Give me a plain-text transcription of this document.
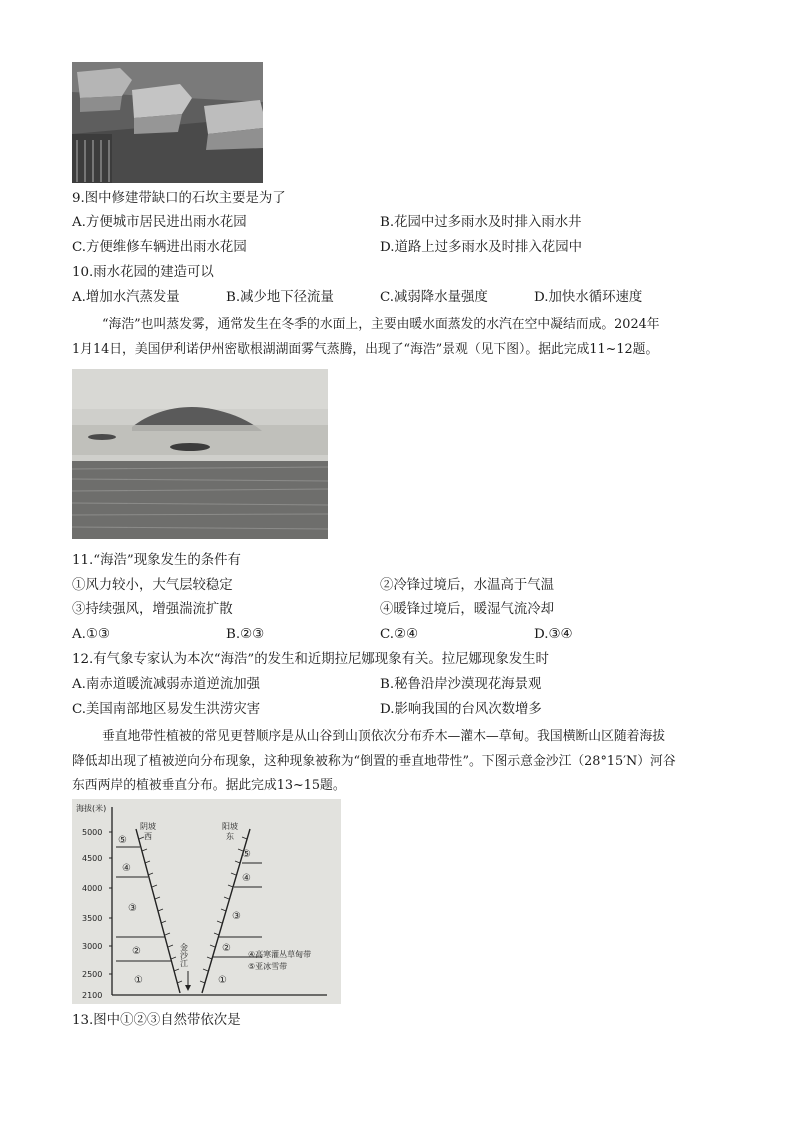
9.图中修建带缺口的石坎主要是为了
A.方便城市居民进出雨水花园	B.花园中过多雨水及时排入雨水井
C.方便维修车辆进出雨水花园	D.道路上过多雨水及时排入花园中
10.雨水花园的建造可以
A.增加水汽蒸发量	B.减少地下径流量	C.减弱降水量强度	D.加快水循环速度
“海浩”也叫蒸发雾，通常发生在冬季的水面上，主要由暖水面蒸发的水汽在空中凝结而成。2024年
1月14日，美国伊利诺伊州密歇根湖湖面雾气蒸腾，出现了“海浩”景观（见下图）。据此完成11~12题。
11.“海浩”现象发生的条件有
①风力较小，大气层较稳定	②冷锋过境后，水温高于气温
③持续强风，增强湍流扩散	④暖锋过境后，暖湿气流冷却
A.①③	B.②③	C.②④	D.③④
12.有气象专家认为本次“海浩”的发生和近期拉尼娜现象有关。拉尼娜现象发生时
A.南赤道暖流减弱赤道逆流加强	B.秘鲁沿岸沙漠现花海景观
C.美国南部地区易发生洪涝灾害	D.影响我国的台风次数增多
垂直地带性植被的常见更替顺序是从山谷到山顶依次分布乔木—灌木—草甸。我国横断山区随着海拔
降低却出现了植被逆向分布现象，这种现象被称为“倒置的垂直地带性”。下图示意金沙江（28°15′N）河谷
东西两岸的植被垂直分布。据此完成13~15题。
海拔(米)
5000
4500
4000
3500
3000
2500
2100
⑤
④
③
②
①
⑤
④
③
②
①
阴坡
西
阳坡
东
金沙江	④高寒灌丛草甸带
⑤亚冰雪带
13.图中①②③自然带依次是
